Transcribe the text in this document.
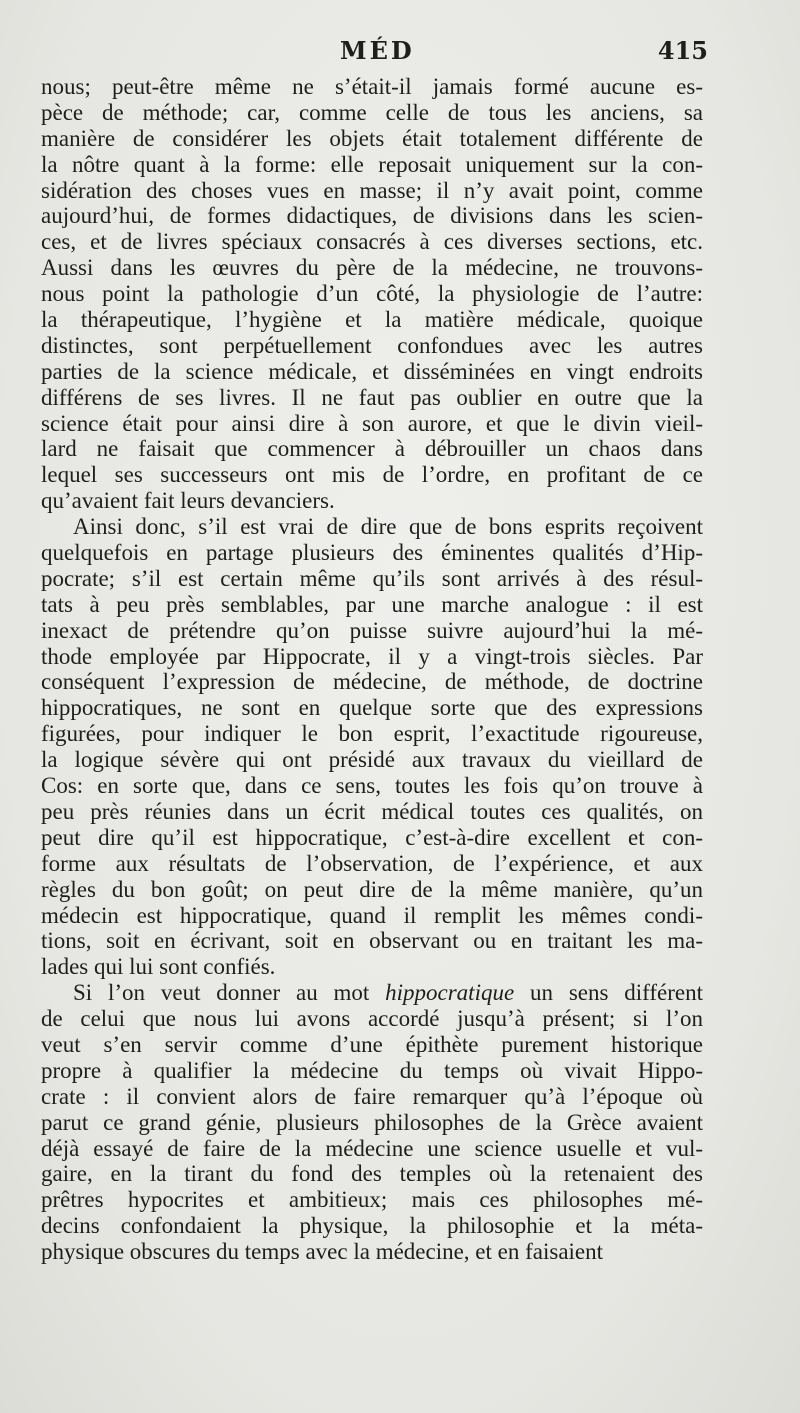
MÉD	415
nous; peut-être même ne s’était-il jamais formé aucune es-
pèce de méthode; car, comme celle de tous les anciens, sa
manière de considérer les objets était totalement différente de
la nôtre quant à la forme: elle reposait uniquement sur la con-
sidération des choses vues en masse; il n’y avait point, comme
aujourd’hui, de formes didactiques, de divisions dans les scien-
ces, et de livres spéciaux consacrés à ces diverses sections, etc.
Aussi dans les œuvres du père de la médecine, ne trouvons-
nous point la pathologie d’un côté, la physiologie de l’autre:
la thérapeutique, l’hygiène et la matière médicale, quoique
distinctes, sont perpétuellement confondues avec les autres
parties de la science médicale, et disséminées en vingt endroits
différens de ses livres. Il ne faut pas oublier en outre que la
science était pour ainsi dire à son aurore, et que le divin vieil-
lard ne faisait que commencer à débrouiller un chaos dans
lequel ses successeurs ont mis de l’ordre, en profitant de ce
qu’avaient fait leurs devanciers.
Ainsi donc, s’il est vrai de dire que de bons esprits reçoivent
quelquefois en partage plusieurs des éminentes qualités d’Hip-
pocrate; s’il est certain même qu’ils sont arrivés à des résul-
tats à peu près semblables, par une marche analogue : il est
inexact de prétendre qu’on puisse suivre aujourd’hui la mé-
thode employée par Hippocrate, il y a vingt-trois siècles. Par
conséquent l’expression de médecine, de méthode, de doctrine
hippocratiques, ne sont en quelque sorte que des expressions
figurées, pour indiquer le bon esprit, l’exactitude rigoureuse,
la logique sévère qui ont présidé aux travaux du vieillard de
Cos: en sorte que, dans ce sens, toutes les fois qu’on trouve à
peu près réunies dans un écrit médical toutes ces qualités, on
peut dire qu’il est hippocratique, c’est-à-dire excellent et con-
forme aux résultats de l’observation, de l’expérience, et aux
règles du bon goût; on peut dire de la même manière, qu’un
médecin est hippocratique, quand il remplit les mêmes condi-
tions, soit en écrivant, soit en observant ou en traitant les ma-
lades qui lui sont confiés.
Si l’on veut donner au mot hippocratique un sens différent
de celui que nous lui avons accordé jusqu’à présent; si l’on
veut s’en servir comme d’une épithète purement historique
propre à qualifier la médecine du temps où vivait Hippo-
crate : il convient alors de faire remarquer qu’à l’époque où
parut ce grand génie, plusieurs philosophes de la Grèce avaient
déjà essayé de faire de la médecine une science usuelle et vul-
gaire, en la tirant du fond des temples où la retenaient des
prêtres hypocrites et ambitieux; mais ces philosophes mé-
decins confondaient la physique, la philosophie et la méta-
physique obscures du temps avec la médecine, et en faisaient
